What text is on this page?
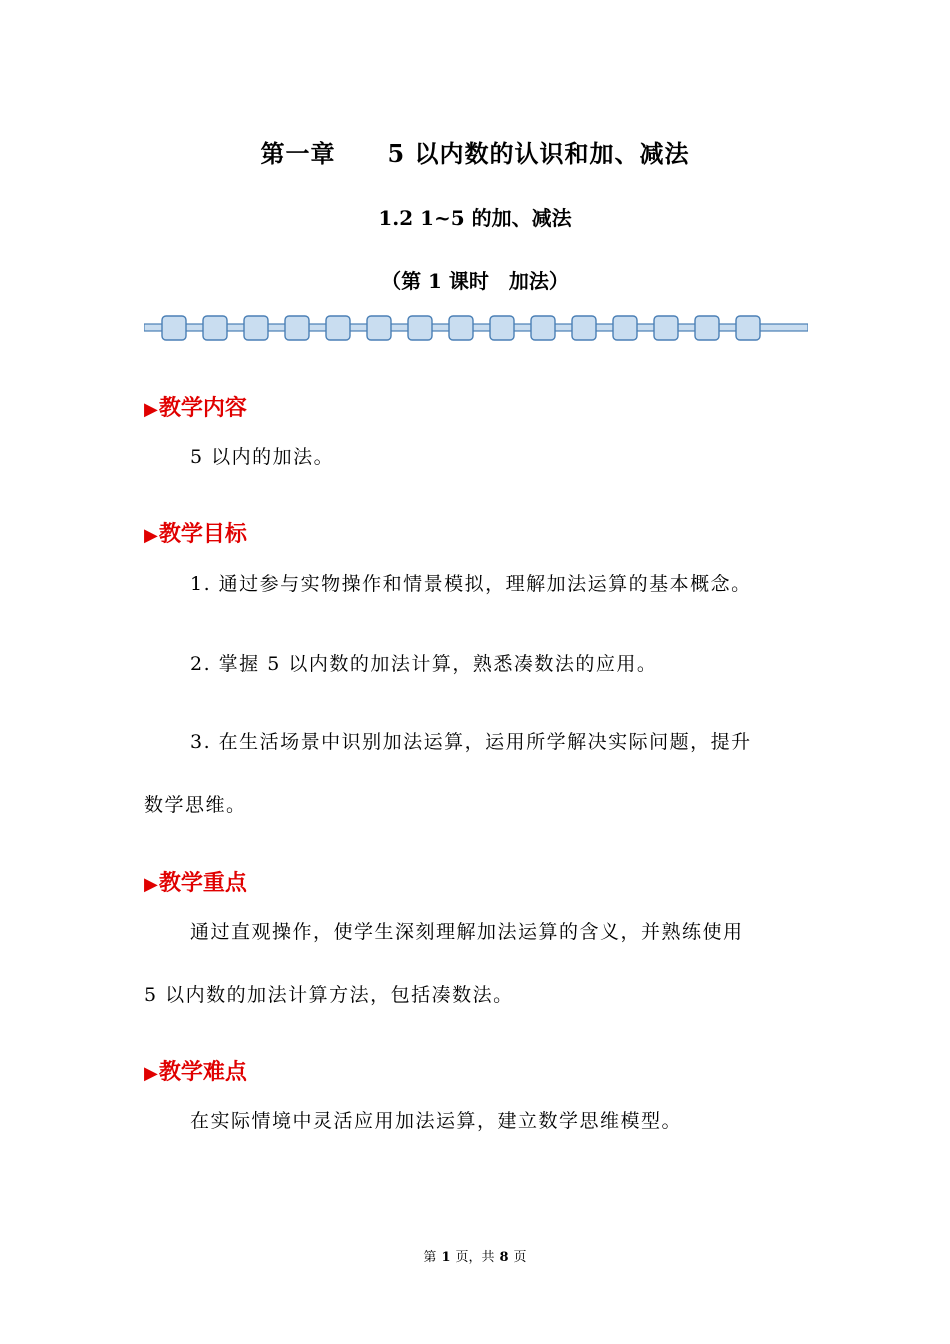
第一章 5 以内数的认识和加、减法
1.2 1~5 的加、减法
（第 1 课时　加法）
▶教学内容
5 以内的加法。
▶教学目标
1. 通过参与实物操作和情景模拟，理解加法运算的基本概念。
2. 掌握 5 以内数的加法计算，熟悉凑数法的应用。
3. 在生活场景中识别加法运算，运用所学解决实际问题，提升
数学思维。
▶教学重点
通过直观操作，使学生深刻理解加法运算的含义，并熟练使用
5 以内数的加法计算方法，包括凑数法。
▶教学难点
在实际情境中灵活应用加法运算，建立数学思维模型。
第 1 页，共 8 页
